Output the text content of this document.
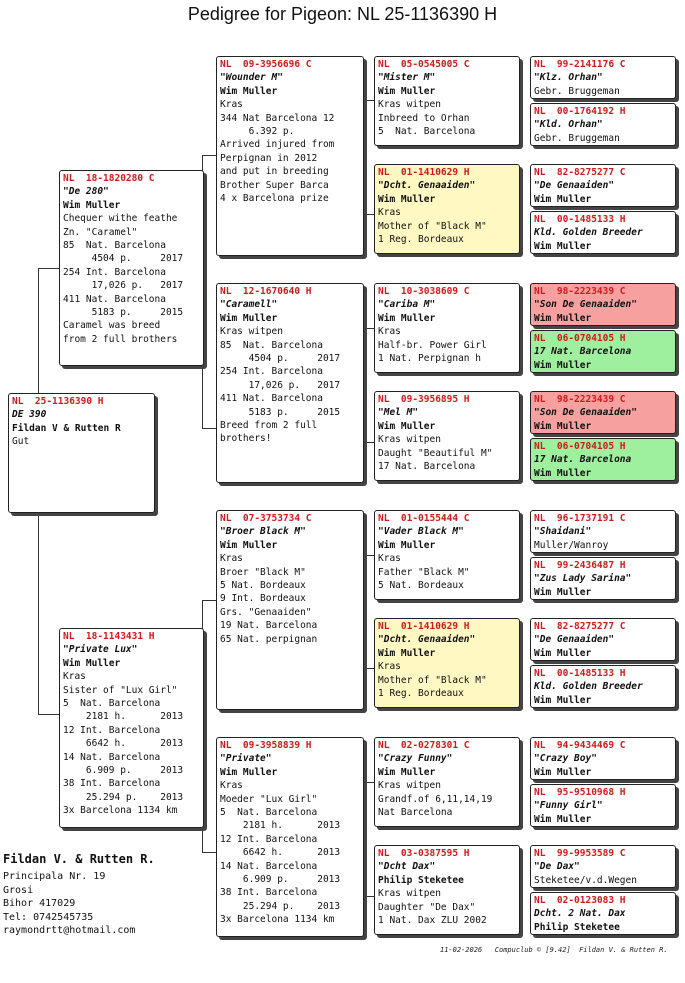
Pedigree for Pigeon: NL 25-1136390 H
NL  25-1136390 H
DE 390
Fildan V & Rutten R
Gut
NL  18-1820280 C
"De 280"
Wim Muller
Chequer withe feathe
Zn. "Caramel"
85  Nat. Barcelona
4504 p.     2017
254 Int. Barcelona
17,026 p.   2017
411 Nat. Barcelona
5183 p.     2015
Caramel was breed
from 2 full brothers
NL  18-1143431 H
"Private Lux"
Wim Muller
Kras
Sister of "Lux Girl"
5  Nat. Barcelona
2181 h.      2013
12 Int. Barcelona
6642 h.      2013
14 Nat. Barcelona
6.909 p.     2013
38 Int. Barcelona
25.294 p.    2013
3x Barcelona 1134 km
NL  09-3956696 C
"Wounder M"
Wim Muller
Kras
344 Nat Barcelona 12
6.392 p.
Arrived injured from
Perpignan in 2012
and put in breeding
Brother Super Barca
4 x Barcelona prize
NL  12-1670640 H
"Caramell"
Wim Muller
Kras witpen
85  Nat. Barcelona
4504 p.     2017
254 Int. Barcelona
17,026 p.   2017
411 Nat. Barcelona
5183 p.     2015
Breed from 2 full
brothers!
NL  07-3753734 C
"Broer Black M"
Wim Muller
Kras
Broer "Black M"
5 Nat. Bordeaux
9 Int. Bordeaux
Grs. "Genaaiden"
19 Nat. Barcelona
65 Nat. perpignan
NL  09-3958839 H
"Private"
Wim Muller
Kras
Moeder "Lux Girl"
5  Nat. Barcelona
2181 h.      2013
12 Int. Barcelona
6642 h.      2013
14 Nat. Barcelona
6.909 p.     2013
38 Int. Barcelona
25.294 p.    2013
3x Barcelona 1134 km
NL  05-0545005 C
"Mister M"
Wim Muller
Kras witpen
Inbreed to Orhan
5  Nat. Barcelona
NL  01-1410629 H
"Dcht. Genaaiden"
Wim Muller
Kras
Mother of "Black M"
1 Reg. Bordeaux
NL  10-3038609 C
"Cariba M"
Wim Muller
Kras
Half-br. Power Girl
1 Nat. Perpignan h
NL  09-3956895 H
"Mel M"
Wim Muller
Kras witpen
Daught "Beautiful M"
17 Nat. Barcelona
NL  01-0155444 C
"Vader Black M"
Wim Muller
Kras
Father "Black M"
5 Nat. Bordeaux
NL  01-1410629 H
"Dcht. Genaaiden"
Wim Muller
Kras
Mother of "Black M"
1 Reg. Bordeaux
NL  02-0278301 C
"Crazy Funny"
Wim Muller
Kras witpen
Grandf.of 6,11,14,19
Nat Barcelona
NL  03-0387595 H
"Dcht Dax"
Philip Steketee
Kras witpen
Daughter "De Dax"
1 Nat. Dax ZLU 2002
NL  99-2141176 C
"Klz. Orhan"
Gebr. Bruggeman
NL  00-1764192 H
"Kld. Orhan"
Gebr. Bruggeman
NL  82-8275277 C
"De Genaaiden"
Wim Muller
NL  00-1485133 H
Kld. Golden Breeder
Wim Muller
NL  98-2223439 C
"Son De Genaaiden"
Wim Muller
NL  06-0704105 H
17 Nat. Barcelona
Wim Muller
NL  98-2223439 C
"Son De Genaaiden"
Wim Muller
NL  06-0704105 H
17 Nat. Barcelona
Wim Muller
NL  96-1737191 C
"Shaidani"
Muller/Wanroy
NL  99-2436487 H
"Zus Lady Sarina"
Wim Muller
NL  82-8275277 C
"De Genaaiden"
Wim Muller
NL  00-1485133 H
Kld. Golden Breeder
Wim Muller
NL  94-9434469 C
"Crazy Boy"
Wim Muller
NL  95-9510968 H
"Funny Girl"
Wim Muller
NL  99-9953589 C
"De Dax"
Steketee/v.d.Wegen
NL  02-0123083 H
Dcht. 2 Nat. Dax
Philip Steketee
Fildan V. & Rutten R.
Principala Nr. 19
Grosi
Bihor 417029
Tel: 0742545735
raymondrtt@hotmail.com
11-02-2026   Compuclub © [9.42]  Fildan V. & Rutten R.
